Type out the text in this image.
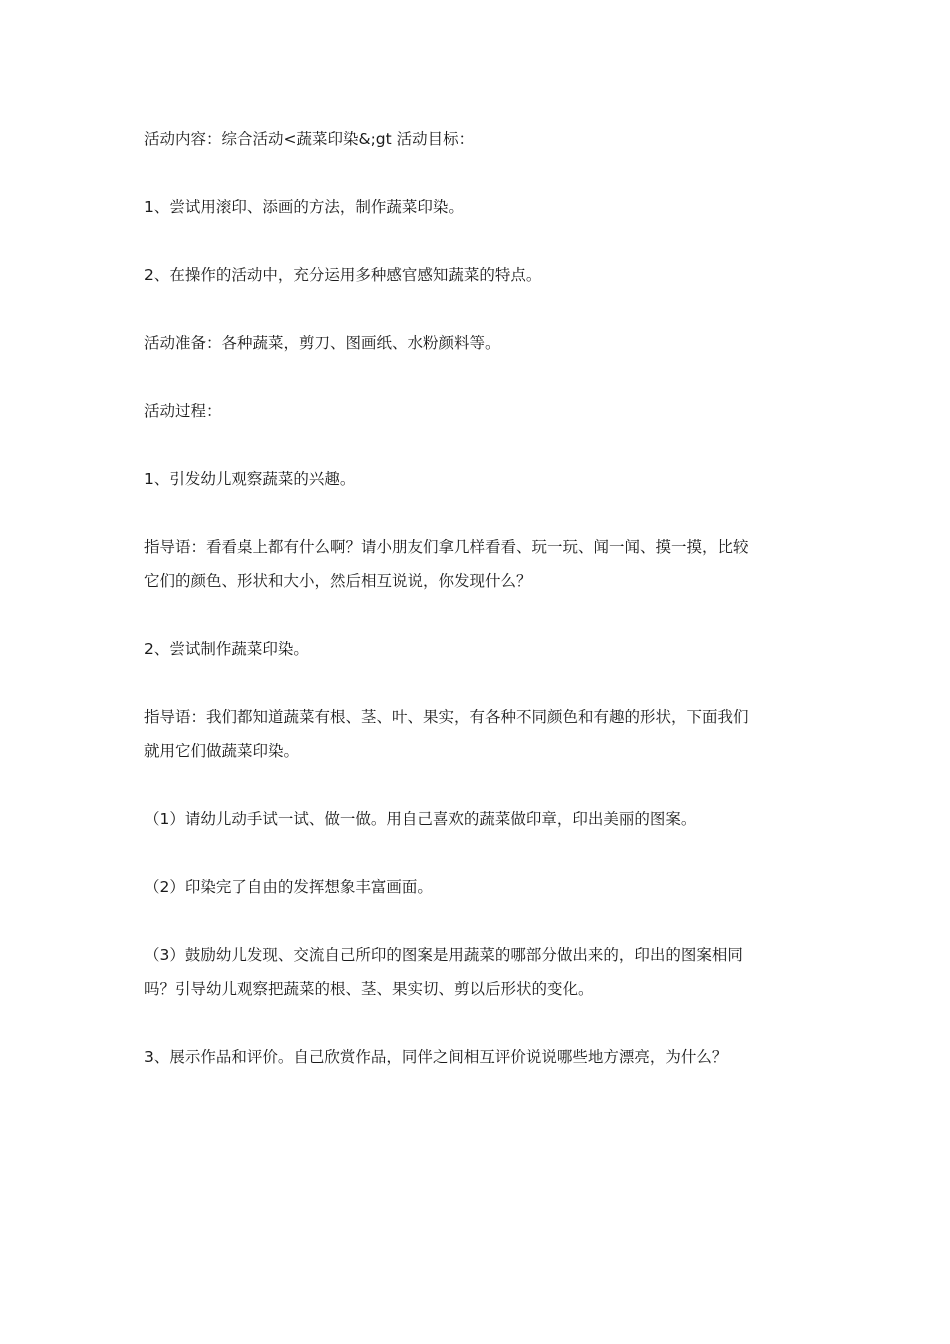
活动内容：综合活动<蔬菜印染&;gt 活动目标：

1、尝试用滚印、添画的方法，制作蔬菜印染。

2、在操作的活动中，充分运用多种感官感知蔬菜的特点。

活动准备：各种蔬菜，剪刀、图画纸、水粉颜料等。

活动过程：

1、引发幼儿观察蔬菜的兴趣。

指导语：看看桌上都有什么啊？请小朋友们拿几样看看、玩一玩、闻一闻、摸一摸，比较
它们的颜色、形状和大小，然后相互说说，你发现什么？

2、尝试制作蔬菜印染。

指导语：我们都知道蔬菜有根、茎、叶、果实，有各种不同颜色和有趣的形状，下面我们
就用它们做蔬菜印染。

（1）请幼儿动手试一试、做一做。用自己喜欢的蔬菜做印章，印出美丽的图案。

（2）印染完了自由的发挥想象丰富画面。

（3）鼓励幼儿发现、交流自己所印的图案是用蔬菜的哪部分做出来的，印出的图案相同
吗？引导幼儿观察把蔬菜的根、茎、果实切、剪以后形状的变化。

3、展示作品和评价。自己欣赏作品，同伴之间相互评价说说哪些地方漂亮，为什么？
